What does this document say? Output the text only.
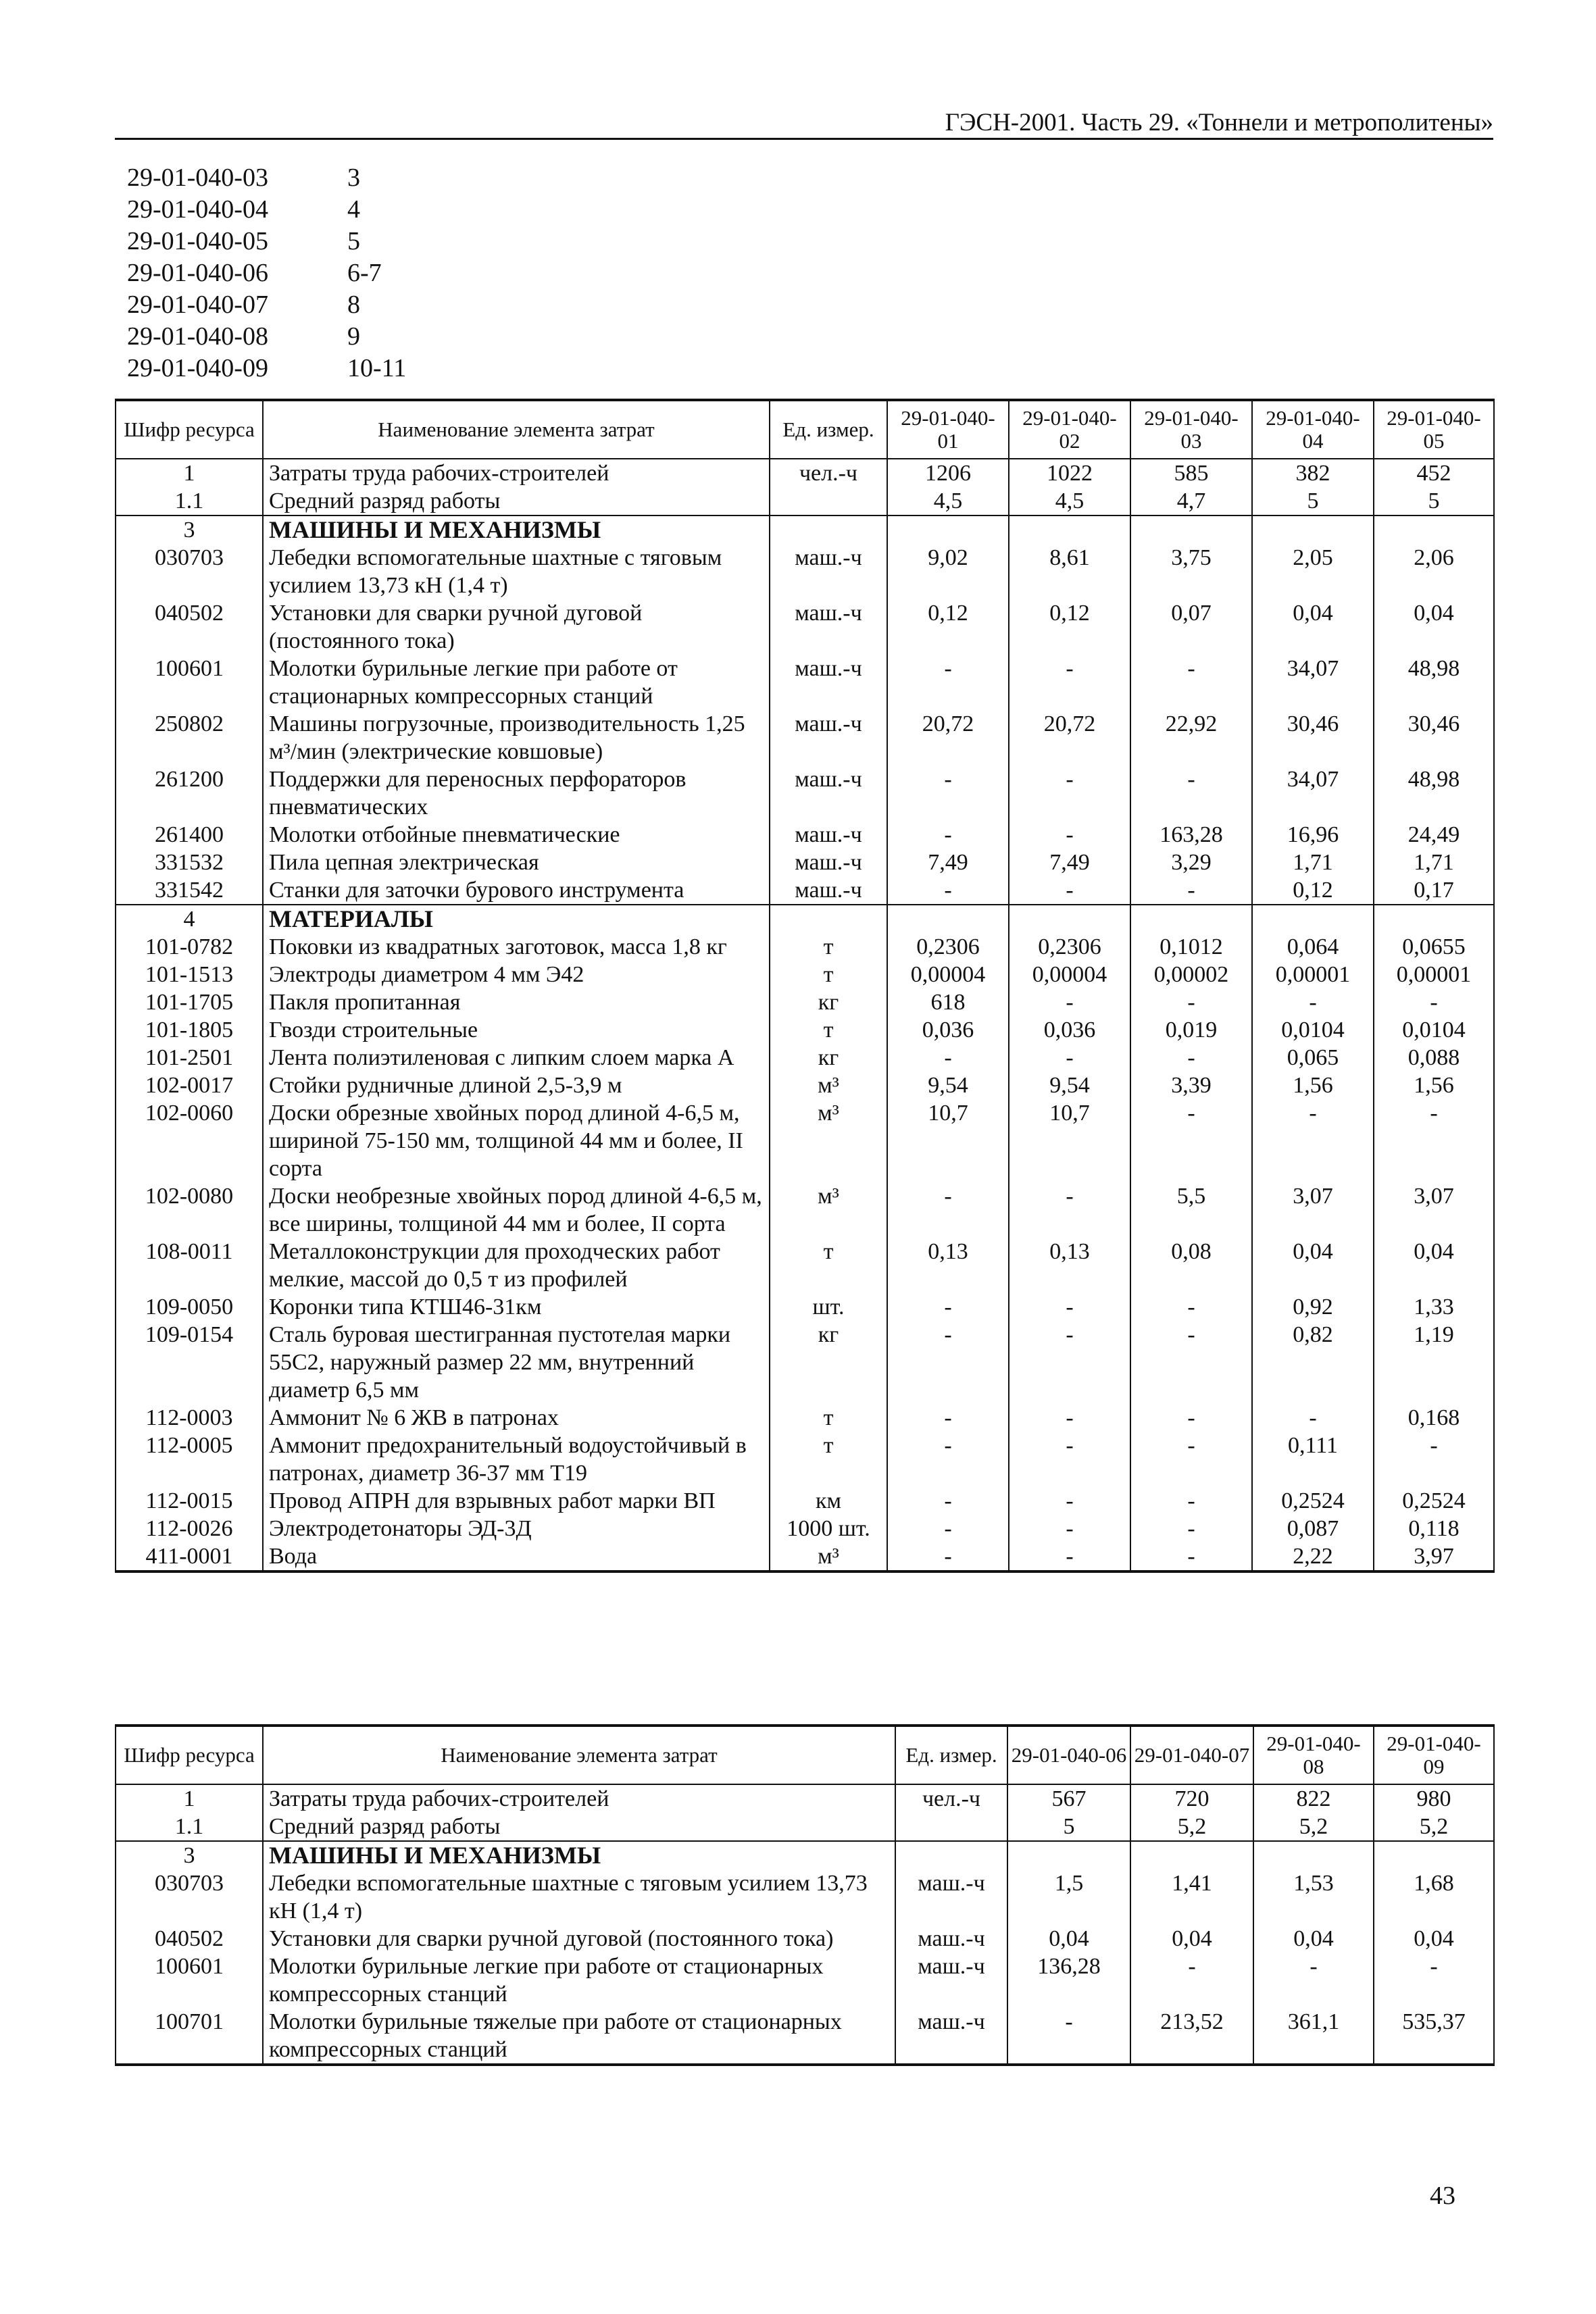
ГЭСН-2001. Часть 29. «Тоннели и метрополитены»
29-01-040-03	3
29-01-040-04	4
29-01-040-05	5
29-01-040-06	6-7
29-01-040-07	8
29-01-040-08	9
29-01-040-09	10-11
Шифр ресурса	Наименование элемента затрат	Ед. измер.	29-01-040-01	29-01-040-02	29-01-040-03	29-01-040-04	29-01-040-05
1	Затраты труда рабочих-строителей	чел.-ч	1206	1022	585	382	452
1.1	Средний разряд работы		4,5	4,5	4,7	5	5
3	МАШИНЫ И МЕХАНИЗМЫ						
030703	Лебедки вспомогательные шахтные с тяговым усилием 13,73 кН (1,4 т)	маш.-ч	9,02	8,61	3,75	2,05	2,06
040502	Установки для сварки ручной дуговой (постоянного тока)	маш.-ч	0,12	0,12	0,07	0,04	0,04
100601	Молотки бурильные легкие при работе от стационарных компрессорных станций	маш.-ч	-	-	-	34,07	48,98
250802	Машины погрузочные, производительность 1,25 м³/мин (электрические ковшовые)	маш.-ч	20,72	20,72	22,92	30,46	30,46
261200	Поддержки для переносных перфораторов пневматических	маш.-ч	-	-	-	34,07	48,98
261400	Молотки отбойные пневматические	маш.-ч	-	-	163,28	16,96	24,49
331532	Пила цепная электрическая	маш.-ч	7,49	7,49	3,29	1,71	1,71
331542	Станки для заточки бурового инструмента	маш.-ч	-	-	-	0,12	0,17
4	МАТЕРИАЛЫ						
101-0782	Поковки из квадратных заготовок, масса 1,8 кг	т	0,2306	0,2306	0,1012	0,064	0,0655
101-1513	Электроды диаметром 4 мм Э42	т	0,00004	0,00004	0,00002	0,00001	0,00001
101-1705	Пакля пропитанная	кг	618	-	-	-	-
101-1805	Гвозди строительные	т	0,036	0,036	0,019	0,0104	0,0104
101-2501	Лента полиэтиленовая с липким слоем марка А	кг	-	-	-	0,065	0,088
102-0017	Стойки рудничные длиной 2,5-3,9 м	м³	9,54	9,54	3,39	1,56	1,56
102-0060	Доски обрезные хвойных пород длиной 4-6,5 м, шириной 75-150 мм, толщиной 44 мм и более, II сорта	м³	10,7	10,7	-	-	-
102-0080	Доски необрезные хвойных пород длиной 4-6,5 м, все ширины, толщиной 44 мм и более, II сорта	м³	-	-	5,5	3,07	3,07
108-0011	Металлоконструкции для проходческих работ мелкие, массой до 0,5 т из профилей	т	0,13	0,13	0,08	0,04	0,04
109-0050	Коронки типа КТШ46-31км	шт.	-	-	-	0,92	1,33
109-0154	Сталь буровая шестигранная пустотелая марки 55С2, наружный размер 22 мм, внутренний диаметр 6,5 мм	кг	-	-	-	0,82	1,19
112-0003	Аммонит № 6 ЖВ в патронах	т	-	-	-	-	0,168
112-0005	Аммонит предохранительный водоустойчивый в патронах, диаметр 36-37 мм Т19	т	-	-	-	0,111	-
112-0015	Провод АПРН для взрывных работ марки ВП	км	-	-	-	0,2524	0,2524
112-0026	Электродетонаторы ЭД-3Д	1000 шт.	-	-	-	0,087	0,118
411-0001	Вода	м³	-	-	-	2,22	3,97
Шифр ресурса	Наименование элемента затрат	Ед. измер.	29-01-040-06	29-01-040-07	29-01-040-08	29-01-040-09
1	Затраты труда рабочих-строителей	чел.-ч	567	720	822	980
1.1	Средний разряд работы		5	5,2	5,2	5,2
3	МАШИНЫ И МЕХАНИЗМЫ					
030703	Лебедки вспомогательные шахтные с тяговым усилием 13,73 кН (1,4 т)	маш.-ч	1,5	1,41	1,53	1,68
040502	Установки для сварки ручной дуговой (постоянного тока)	маш.-ч	0,04	0,04	0,04	0,04
100601	Молотки бурильные легкие при работе от стационарных компрессорных станций	маш.-ч	136,28	-	-	-
100701	Молотки бурильные тяжелые при работе от стационарных компрессорных станций	маш.-ч	-	213,52	361,1	535,37
43
